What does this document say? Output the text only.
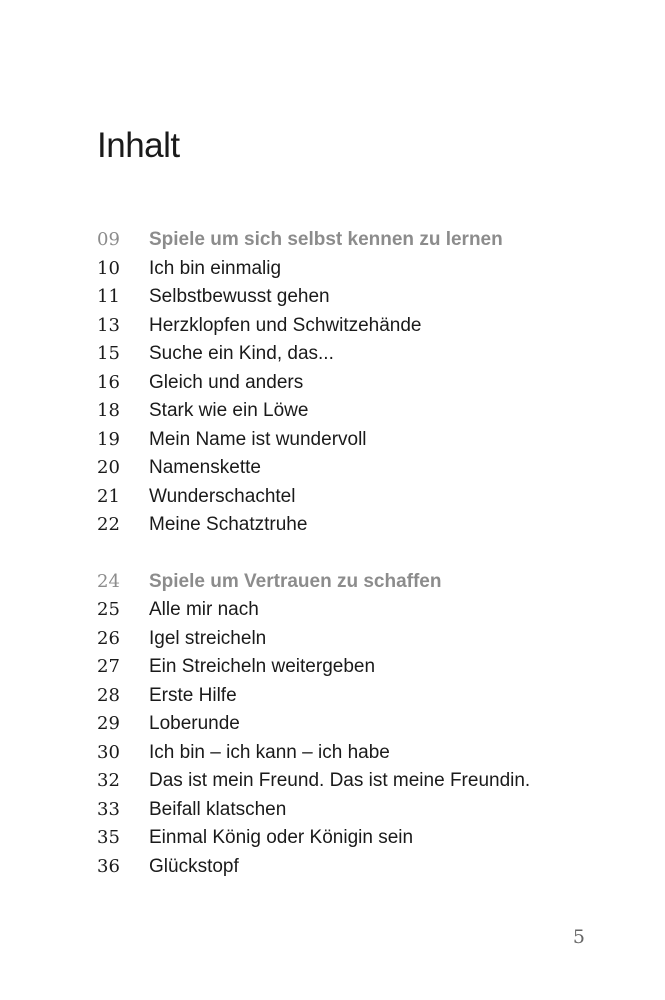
Inhalt
09	Spiele um sich selbst kennen zu lernen
10	Ich bin einmalig
11	Selbstbewusst gehen
13	Herzklopfen und Schwitzehände
15	Suche ein Kind, das...
16	Gleich und anders
18	Stark wie ein Löwe
19	Mein Name ist wundervoll
20	Namenskette
21	Wunderschachtel
22	Meine Schatztruhe
24	Spiele um Vertrauen zu schaffen
25	Alle mir nach
26	Igel streicheln
27	Ein Streicheln weitergeben
28	Erste Hilfe
29	Loberunde
30	Ich bin – ich kann – ich habe
32	Das ist mein Freund. Das ist meine Freundin.
33	Beifall klatschen
35	Einmal König oder Königin sein
36	Glückstopf
5
